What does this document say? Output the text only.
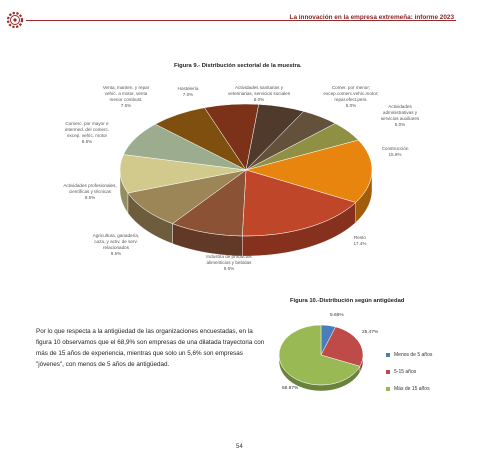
La innovación en la empresa extremeña: informe 2023
Figura 9.- Distribución sectorial de la muestra.
Venta, manten. y repar
vehíc. a motor, venta
menor combust.
7.5%
Hostelería
7.0%
Actividades sanitarias y
veterinarias, servicios sociales
6.0%
Comer. por menor;
excep.comerc.vehíc.motor;
repar.efect.pers.
5.0%	Actividades
administrativas y
servicios auxiliares
5.0%
Construcción
15.8%
Resto
17.4%
Industria de productos
alimenticios y bebidas
9.5%
Agricultura, ganadería,
caza, y activ. de serv.
relacionados
9.5%
Actividades profesionales,
científicas y técnicas
9.5%
Comerc. por mayor e
intermed. del comerc.
excep. vehíc. motor
8.5%
Figura 10.-Distribución según antigüedad
5.66%
25.47%
68.87%
Menos de 5 años
5-15 años
Más de 15 años
Por lo que respecta a la antigüedad de las organizaciones encuestadas, en la figura 10 observamos que el 68,9% son empresas de una dilatada trayectoria con más de 15 años de experiencia, mientras que solo un 5,6% son empresas "jóvenes", con menos de 5 años de antigüedad.
54
